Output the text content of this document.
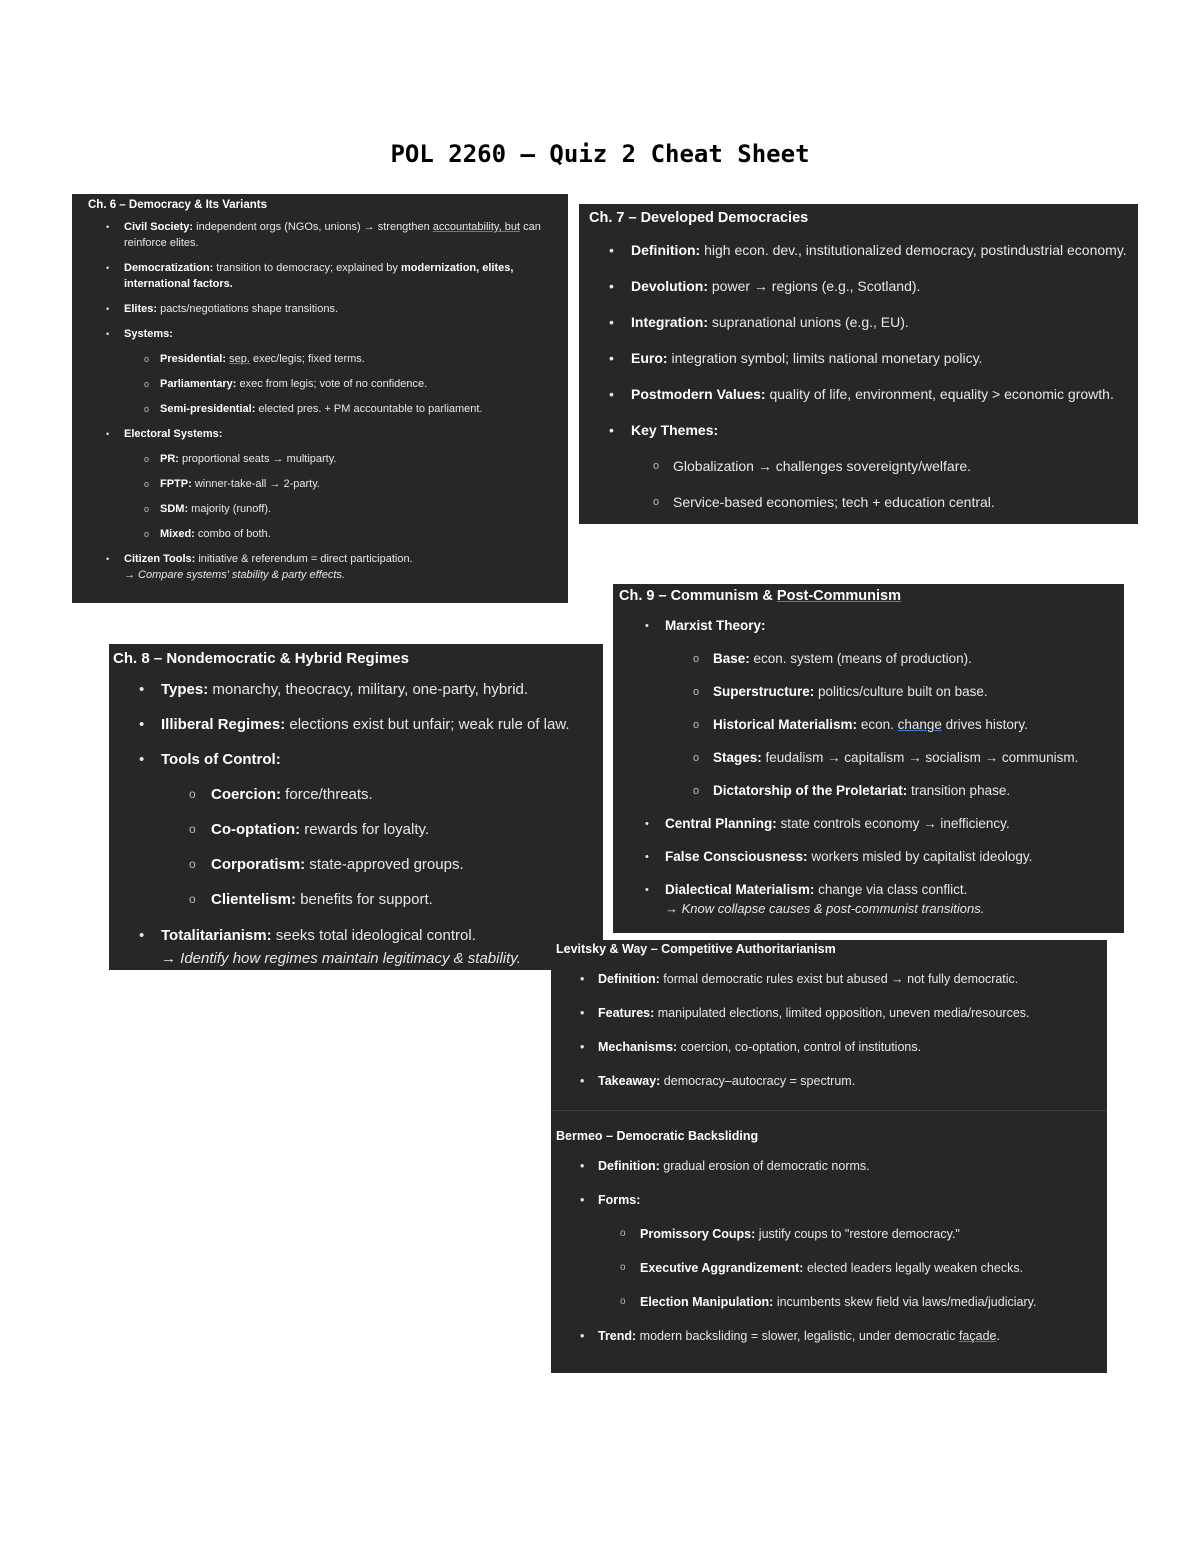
POL 2260 – Quiz 2 Cheat Sheet
Ch. 6 – Democracy & Its Variants
• Civil Society: independent orgs (NGOs, unions) → strengthen accountability, but can reinforce elites.
• Democratization: transition to democracy; explained by modernization, elites, international factors.
• Elites: pacts/negotiations shape transitions.
• Systems:
o Presidential: sep. exec/legis; fixed terms.
o Parliamentary: exec from legis; vote of no confidence.
o Semi-presidential: elected pres. + PM accountable to parliament.
• Electoral Systems:
o PR: proportional seats → multiparty.
o FPTP: winner-take-all → 2-party.
o SDM: majority (runoff).
o Mixed: combo of both.
• Citizen Tools: initiative & referendum = direct participation.
→ Compare systems' stability & party effects.
Ch. 7 – Developed Democracies
• Definition: high econ. dev., institutionalized democracy, postindustrial economy.
• Devolution: power → regions (e.g., Scotland).
• Integration: supranational unions (e.g., EU).
• Euro: integration symbol; limits national monetary policy.
• Postmodern Values: quality of life, environment, equality > economic growth.
• Key Themes:
o Globalization → challenges sovereignty/welfare.
o Service-based economies; tech + education central.
Ch. 9 – Communism & Post-Communism
• Marxist Theory:
o Base: econ. system (means of production).
o Superstructure: politics/culture built on base.
o Historical Materialism: econ. change drives history.
o Stages: feudalism → capitalism → socialism → communism.
o Dictatorship of the Proletariat: transition phase.
• Central Planning: state controls economy → inefficiency.
• False Consciousness: workers misled by capitalist ideology.
• Dialectical Materialism: change via class conflict.
→ Know collapse causes & post-communist transitions.
Ch. 8 – Nondemocratic & Hybrid Regimes
• Types: monarchy, theocracy, military, one-party, hybrid.
• Illiberal Regimes: elections exist but unfair; weak rule of law.
• Tools of Control:
o Coercion: force/threats.
o Co-optation: rewards for loyalty.
o Corporatism: state-approved groups.
o Clientelism: benefits for support.
• Totalitarianism: seeks total ideological control.
→ Identify how regimes maintain legitimacy & stability.
Levitsky & Way – Competitive Authoritarianism
• Definition: formal democratic rules exist but abused → not fully democratic.
• Features: manipulated elections, limited opposition, uneven media/resources.
• Mechanisms: coercion, co-optation, control of institutions.
• Takeaway: democracy–autocracy = spectrum.
Bermeo – Democratic Backsliding
• Definition: gradual erosion of democratic norms.
• Forms:
o Promissory Coups: justify coups to "restore democracy."
o Executive Aggrandizement: elected leaders legally weaken checks.
o Election Manipulation: incumbents skew field via laws/media/judiciary.
• Trend: modern backsliding = slower, legalistic, under democratic façade.
